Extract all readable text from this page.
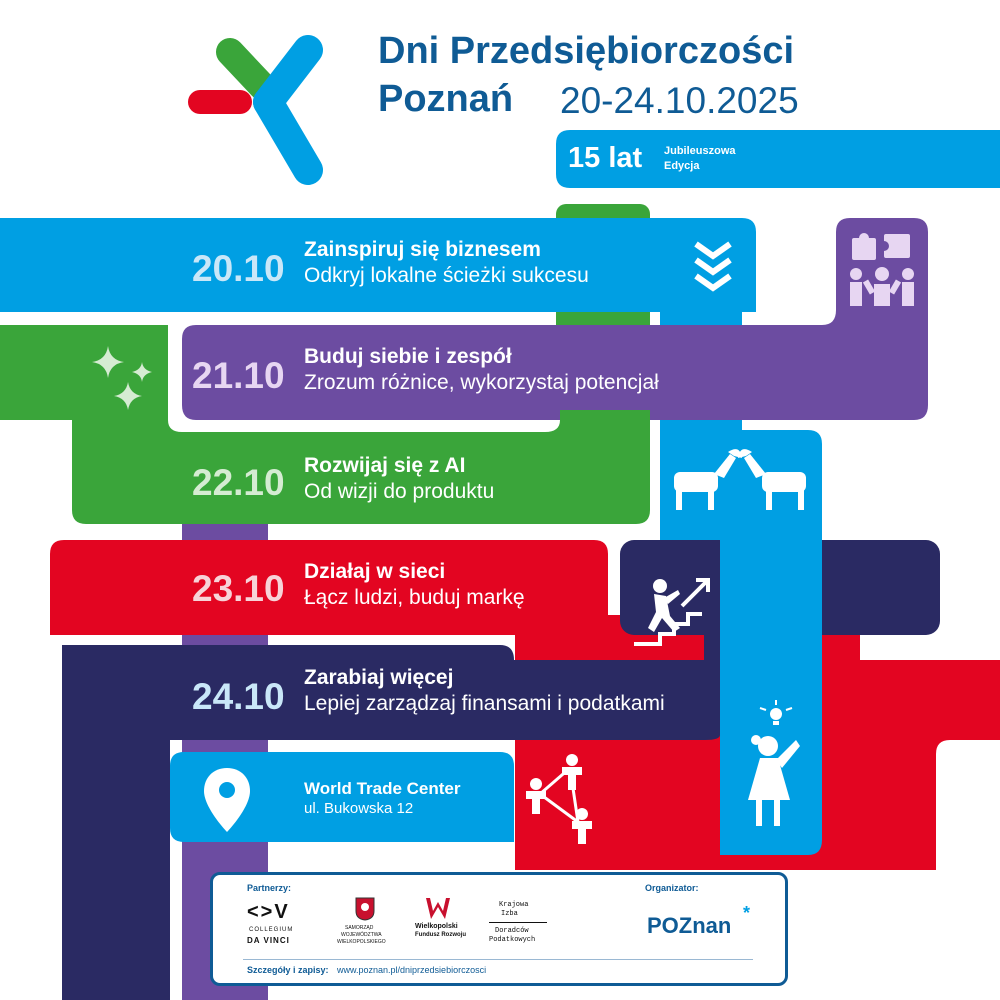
Dni Przedsiębiorczości
Poznań 20-24.10.2025
15 lat Jubileuszowa
Edycja
20.10 Zainspiruj się biznesem
Odkryj lokalne ścieżki sukcesu
21.10 Buduj siebie i zespół
Zrozum różnice, wykorzystaj potencjał
22.10 Rozwijaj się z AI
Od wizji do produktu
23.10 Działaj w sieci
Łącz ludzi, buduj markę
24.10 Zarabiaj więcej
Lepiej zarządzaj finansami i podatkami
World Trade Center
ul. Bukowska 12
Partnerzy:	Organizator:
<>V
COLLEGIUM
DA VINCI
SAMORZĄD
WOJEWÓDZTWA
WIELKOPOLSKIEGO
Wielkopolski
Fundusz Rozwoju
Krajowa
Izba
Doradców
Podatkowych
POZnan *
Szczegóły i zapisy: www.poznan.pl/dniprzedsiebiorczosci
